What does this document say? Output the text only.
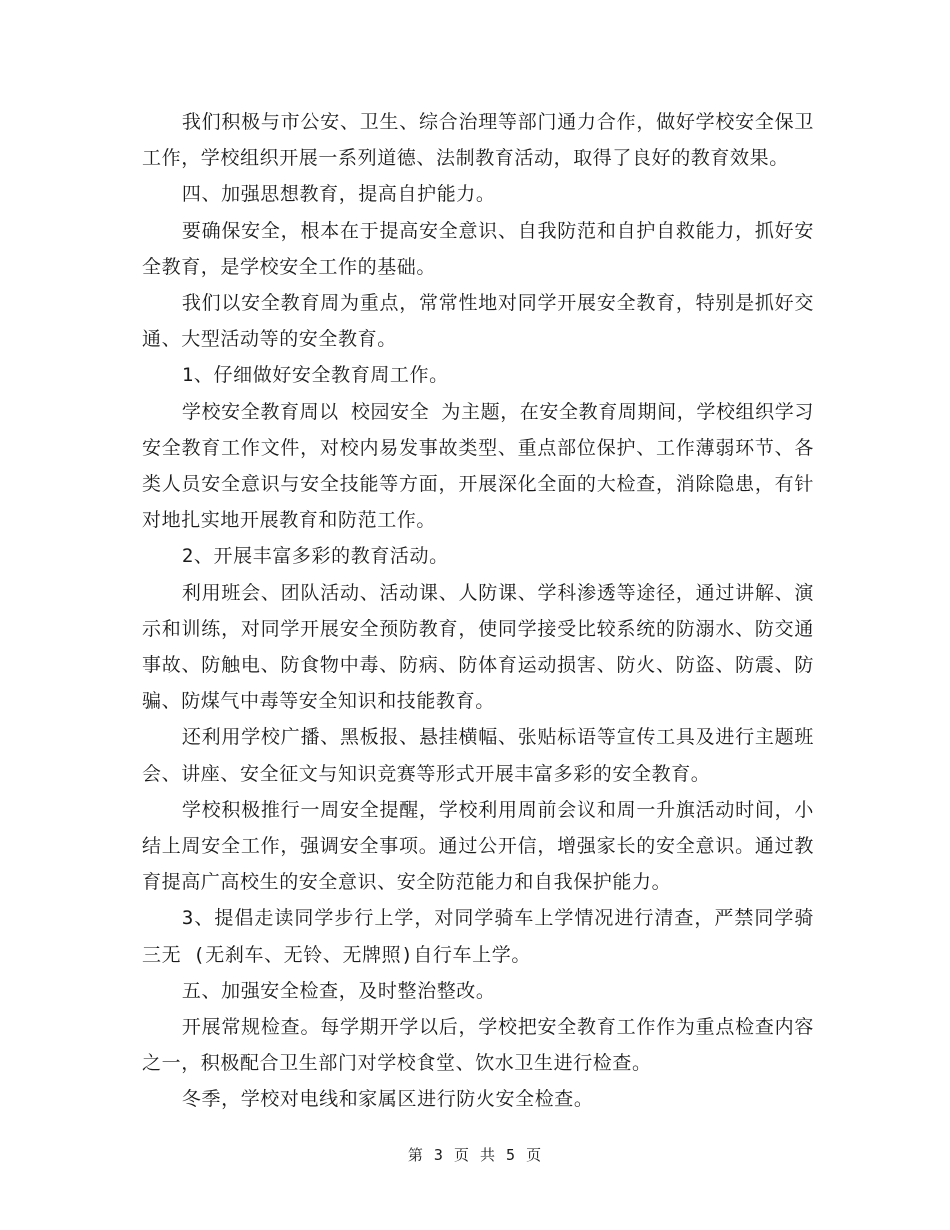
我们积极与市公安、卫生、综合治理等部门通力合作，做好学校安全保卫工作，学校组织开展一系列道德、法制教育活动，取得了良好的教育效果。

四、加强思想教育，提高自护能力。

要确保安全，根本在于提高安全意识、自我防范和自护自救能力，抓好安全教育，是学校安全工作的基础。

我们以安全教育周为重点，常常性地对同学开展安全教育，特别是抓好交通、大型活动等的安全教育。

1、仔细做好安全教育周工作。

学校安全教育周以 校园安全 为主题，在安全教育周期间，学校组织学习安全教育工作文件，对校内易发事故类型、重点部位保护、工作薄弱环节、各类人员安全意识与安全技能等方面，开展深化全面的大检查，消除隐患，有针对地扎实地开展教育和防范工作。

2、开展丰富多彩的教育活动。

利用班会、团队活动、活动课、人防课、学科渗透等途径，通过讲解、演示和训练，对同学开展安全预防教育，使同学接受比较系统的防溺水、防交通事故、防触电、防食物中毒、防病、防体育运动损害、防火、防盗、防震、防骗、防煤气中毒等安全知识和技能教育。

还利用学校广播、黑板报、悬挂横幅、张贴标语等宣传工具及进行主题班会、讲座、安全征文与知识竞赛等形式开展丰富多彩的安全教育。

学校积极推行一周安全提醒，学校利用周前会议和周一升旗活动时间，小结上周安全工作，强调安全事项。通过公开信，增强家长的安全意识。通过教育提高广高校生的安全意识、安全防范能力和自我保护能力。

3、提倡走读同学步行上学，对同学骑车上学情况进行清查，严禁同学骑 三无 (无刹车、无铃、无牌照)自行车上学。

五、加强安全检查，及时整治整改。

开展常规检查。每学期开学以后，学校把安全教育工作作为重点检查内容之一，积极配合卫生部门对学校食堂、饮水卫生进行检查。

冬季，学校对电线和家属区进行防火安全检查。

第 3 页 共 5 页
